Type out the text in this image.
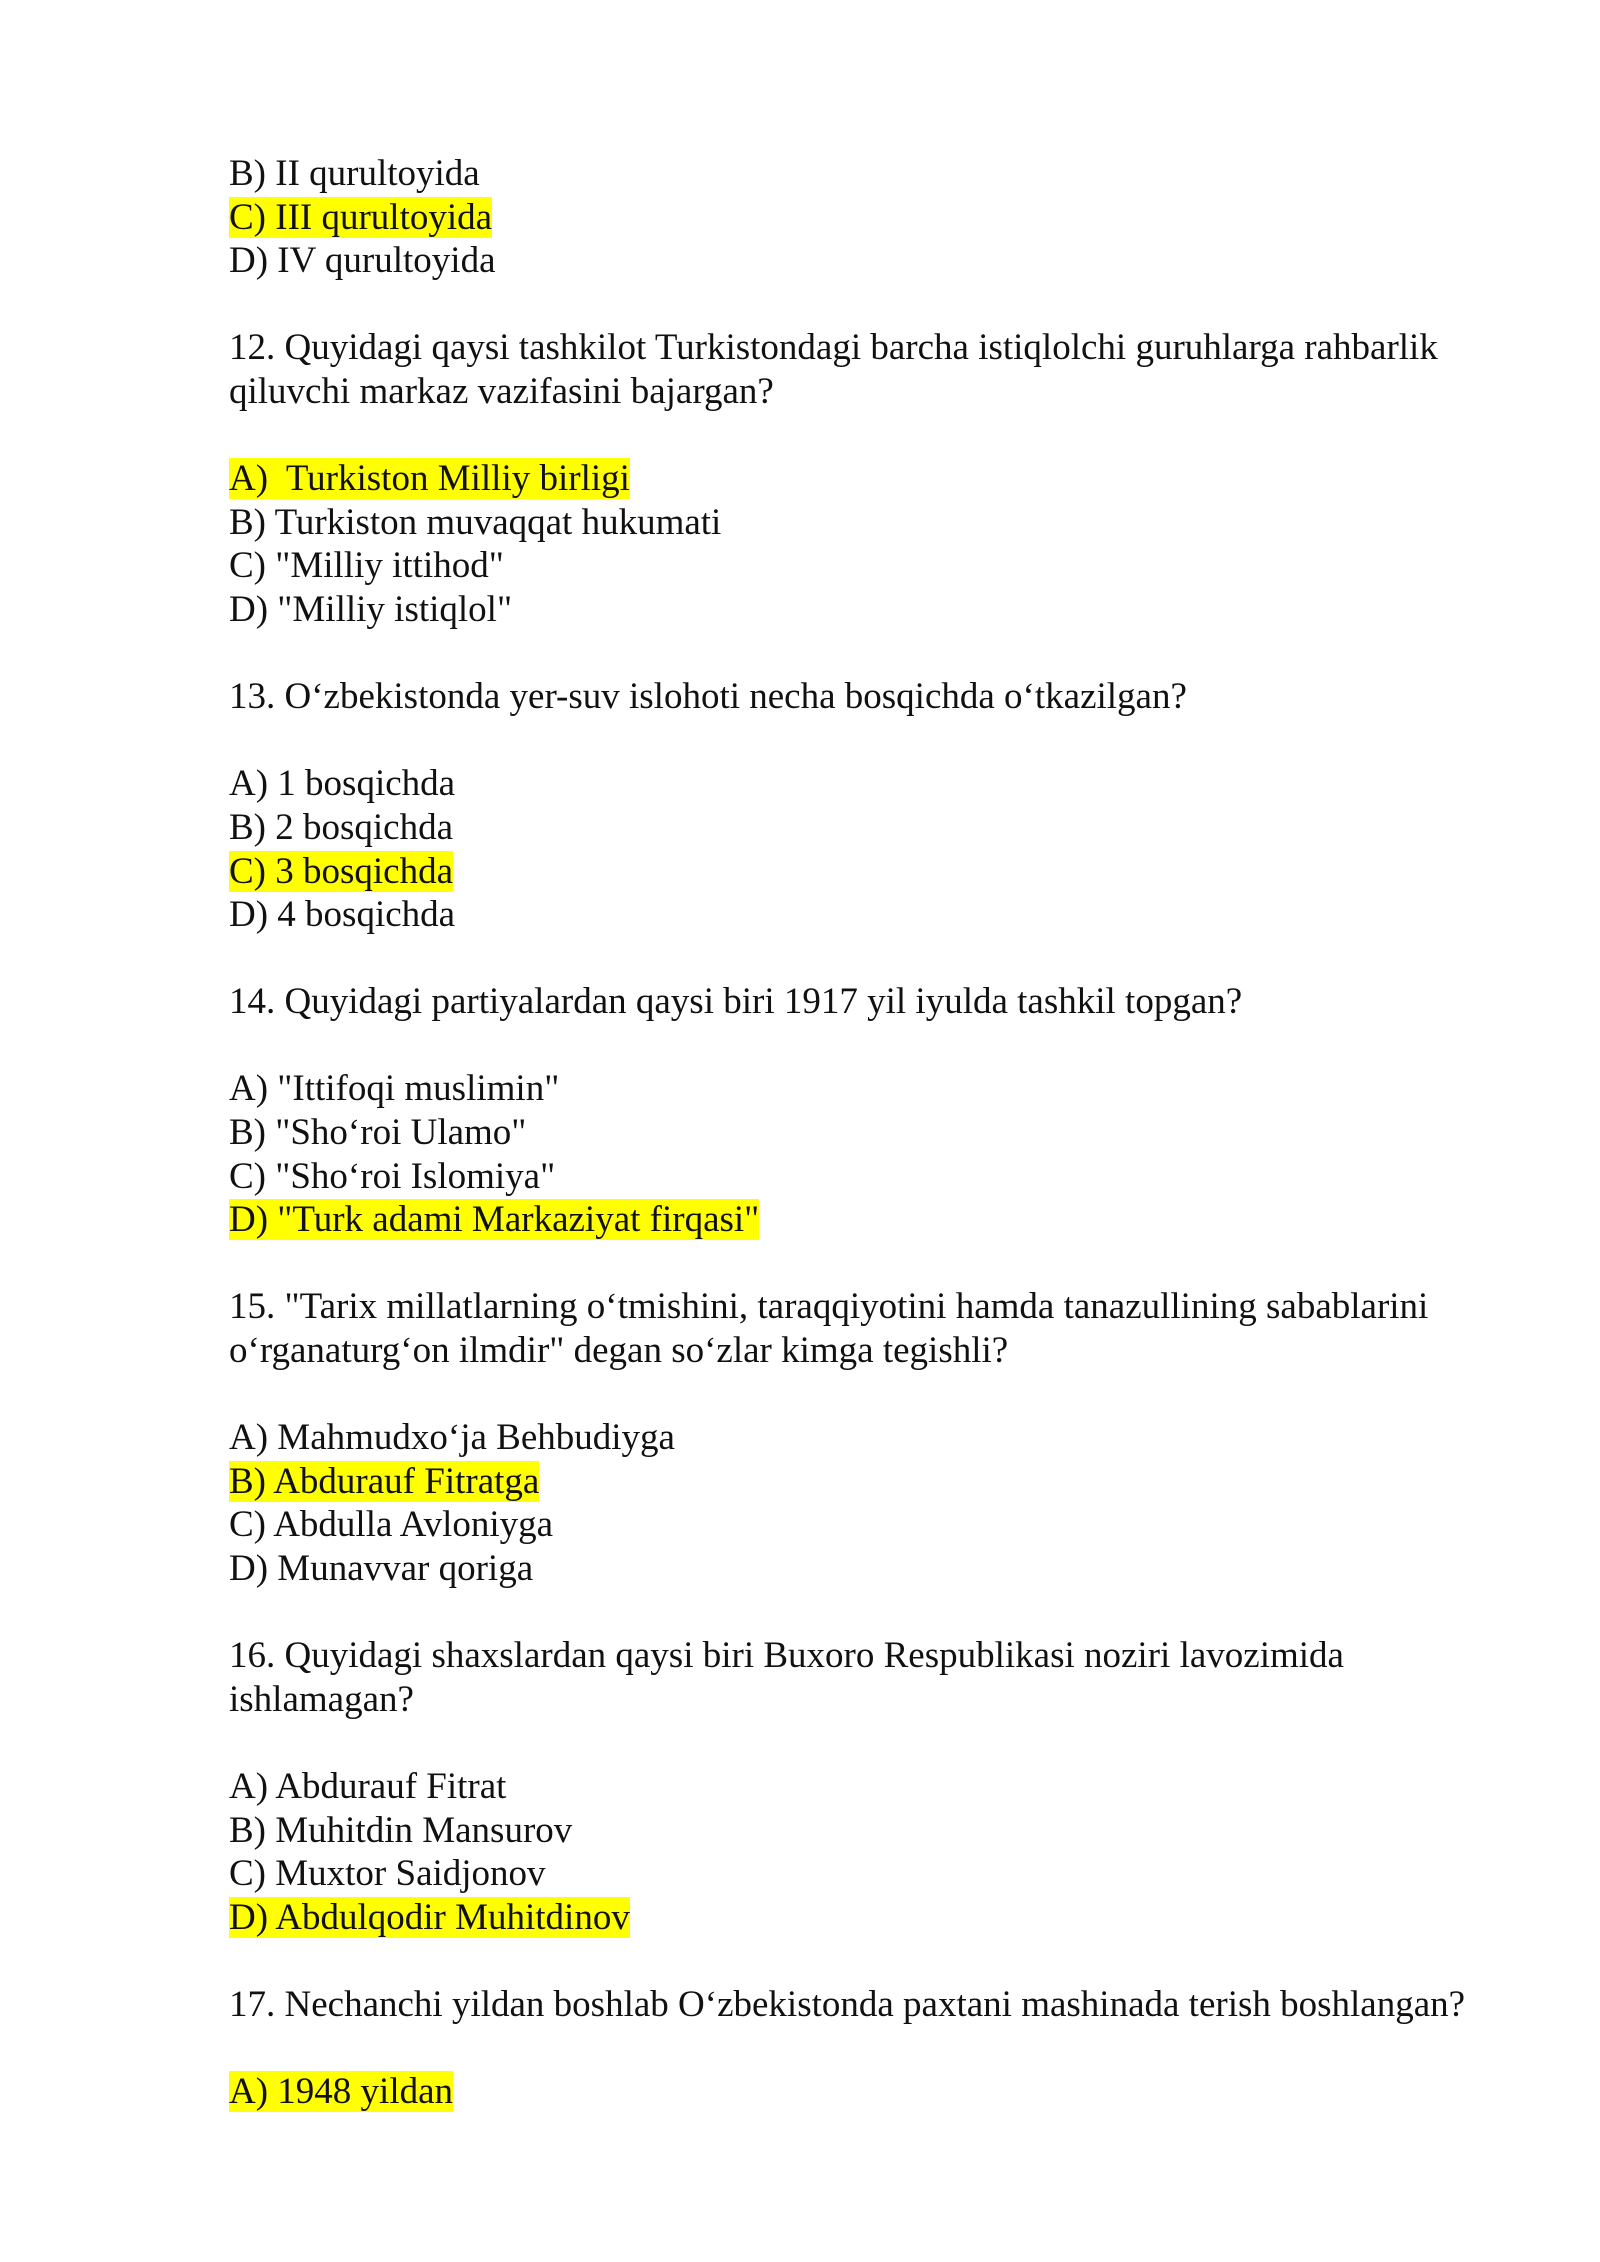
B) II qurultoyida

C) III qurultoyida

D) IV qurultoyida

12. Quyidagi qaysi tashkilot Turkistondagi barcha istiqlolchi guruhlarga rahbarlik qiluvchi markaz vazifasini bajargan?

A)  Turkiston Milliy birligi

B) Turkiston muvaqqat hukumati

C) "Milliy ittihod"

D) "Milliy istiqlol"

13. O‘zbekistonda yer-suv islohoti necha bosqichda o‘tkazilgan?

A) 1 bosqichda

B) 2 bosqichda

C) 3 bosqichda

D) 4 bosqichda

14. Quyidagi partiyalardan qaysi biri 1917 yil iyulda tashkil topgan?

A) "Ittifoqi muslimin"

B) "Sho‘roi Ulamo"

C) "Sho‘roi Islomiya"

D) "Turk adami Markaziyat firqasi"

15. "Tarix millatlarning o‘tmishini, taraqqiyotini hamda tanazullining sabablarini o‘rganaturg‘on ilmdir" degan so‘zlar kimga tegishli?

A) Mahmudxo‘ja Behbudiyga

B) Abdurauf Fitratga

C) Abdulla Avloniyga

D) Munavvar qoriga

16. Quyidagi shaxslardan qaysi biri Buxoro Respublikasi noziri lavozimida ishlamagan?

A) Abdurauf Fitrat

B) Muhitdin Mansurov

C) Muxtor Saidjonov

D) Abdulqodir Muhitdinov

17. Nechanchi yildan boshlab O‘zbekistonda paxtani mashinada terish boshlangan?

A) 1948 yildan
